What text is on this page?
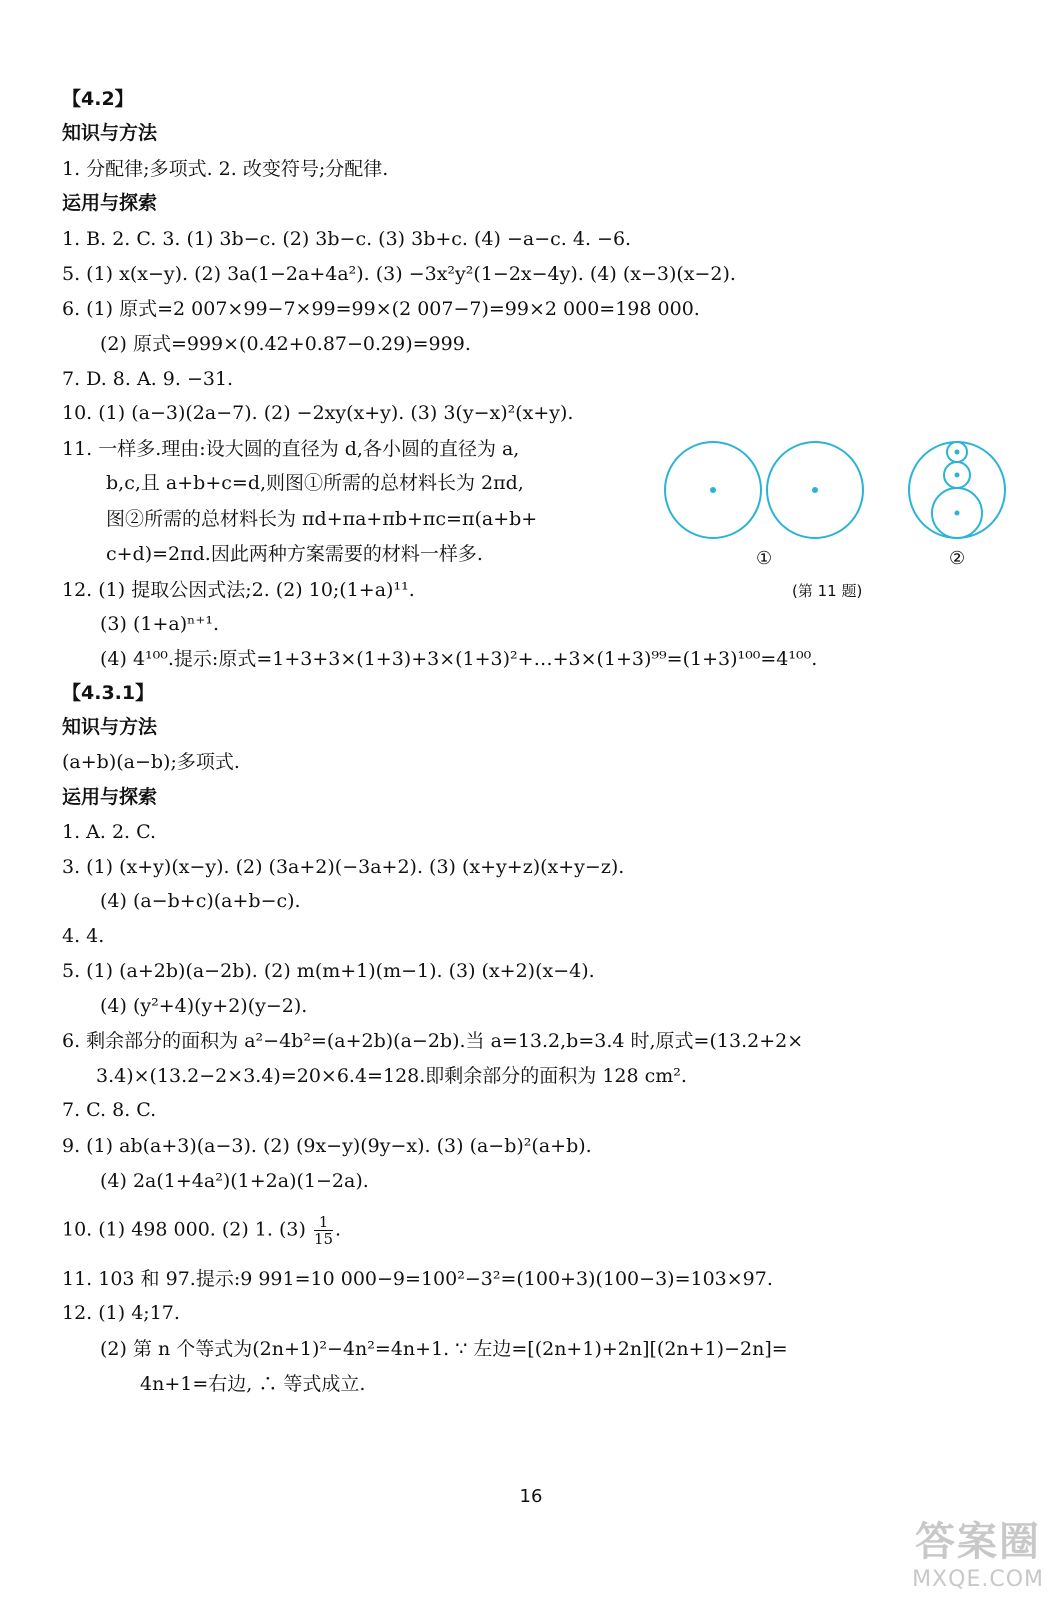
【4.2】
知识与方法
1. 分配律;多项式. 2. 改变符号;分配律.
运用与探索
1. B. 2. C. 3. (1) 3b−c. (2) 3b−c. (3) 3b+c. (4) −a−c. 4. −6.
5. (1) x(x−y). (2) 3a(1−2a+4a²). (3) −3x²y²(1−2x−4y). (4) (x−3)(x−2).
6. (1) 原式=2 007×99−7×99=99×(2 007−7)=99×2 000=198 000.
(2) 原式=999×(0.42+0.87−0.29)=999.
7. D. 8. A. 9. −31.
10. (1) (a−3)(2a−7). (2) −2xy(x+y). (3) 3(y−x)²(x+y).
11. 一样多.理由:设大圆的直径为 d,各小圆的直径为 a,
b,c,且 a+b+c=d,则图①所需的总材料长为 2πd,
图②所需的总材料长为 πd+πa+πb+πc=π(a+b+
c+d)=2πd.因此两种方案需要的材料一样多.
12. (1) 提取公因式法;2. (2) 10;(1+a)¹¹.
(3) (1+a)ⁿ⁺¹.
(4) 4¹⁰⁰.提示:原式=1+3+3×(1+3)+3×(1+3)²+…+3×(1+3)⁹⁹=(1+3)¹⁰⁰=4¹⁰⁰.
①	②
(第 11 题)
【4.3.1】
知识与方法
(a+b)(a−b);多项式.
运用与探索
1. A. 2. C.
3. (1) (x+y)(x−y). (2) (3a+2)(−3a+2). (3) (x+y+z)(x+y−z).
(4) (a−b+c)(a+b−c).
4. 4.
5. (1) (a+2b)(a−2b). (2) m(m+1)(m−1). (3) (x+2)(x−4).
(4) (y²+4)(y+2)(y−2).
6. 剩余部分的面积为 a²−4b²=(a+2b)(a−2b).当 a=13.2,b=3.4 时,原式=(13.2+2×
3.4)×(13.2−2×3.4)=20×6.4=128.即剩余部分的面积为 128 cm².
7. C. 8. C.
9. (1) ab(a+3)(a−3). (2) (9x−y)(9y−x). (3) (a−b)²(a+b).
(4) 2a(1+4a²)(1+2a)(1−2a).
10. (1) 498 000. (2) 1. $(3) \frac{1}{15}$ .
11. 103 和 97.提示:9 991=10 000−9=100²−3²=(100+3)(100−3)=103×97.
12. (1) 4;17.
(2) 第 n 个等式为(2n+1)²−4n²=4n+1. ∵ 左边=[(2n+1)+2n][(2n+1)−2n]=
4n+1=右边, ∴ 等式成立.
16
答案圈
MXQE.COM
